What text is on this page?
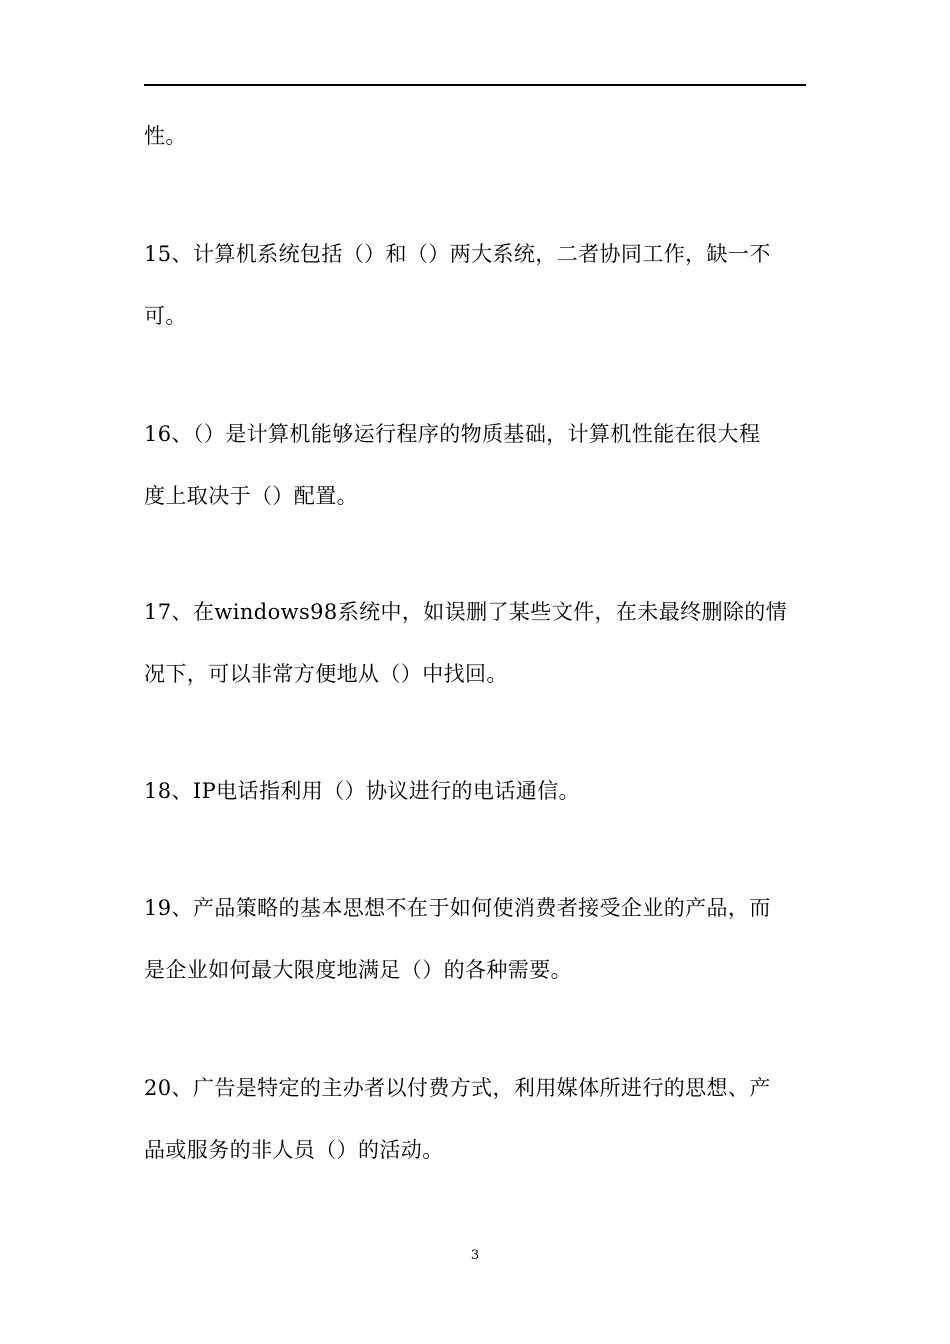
性。
15、计算机系统包括（）和（）两大系统，二者协同工作，缺一不
可。
16、（）是计算机能够运行程序的物质基础，计算机性能在很大程
度上取决于（）配置。
17、在windows98系统中，如误删了某些文件，在未最终删除的情
况下，可以非常方便地从（）中找回。
18、IP电话指利用（）协议进行的电话通信。
19、产品策略的基本思想不在于如何使消费者接受企业的产品，而
是企业如何最大限度地满足（）的各种需要。
20、广告是特定的主办者以付费方式，利用媒体所进行的思想、产
品或服务的非人员（）的活动。
3
